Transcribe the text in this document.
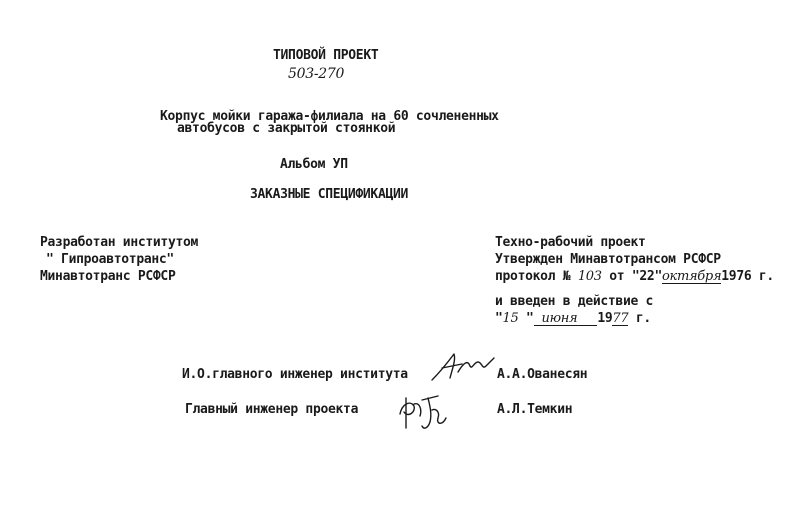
ТИПОВОЙ ПРОЕКТ
503-270
Корпус мойки гаража-филиала на 60 сочлененных
автобусов с закрытой стоянкой
Альбом УП
ЗАКАЗНЫЕ СПЕЦИФИКАЦИИ
Разработан институтом
" Гипроавтотранс"
Минавтотранс РСФСР
Техно-рабочий проект
Утвержден Минавтотрансом РСФСР
протокол № 103 от "22"октября1976 г.
и введен в действие с
"15 " июня 1977 г.
И.О.главного инженер института	А.А.Ованесян
Главный инженер проекта	А.Л.Темкин
